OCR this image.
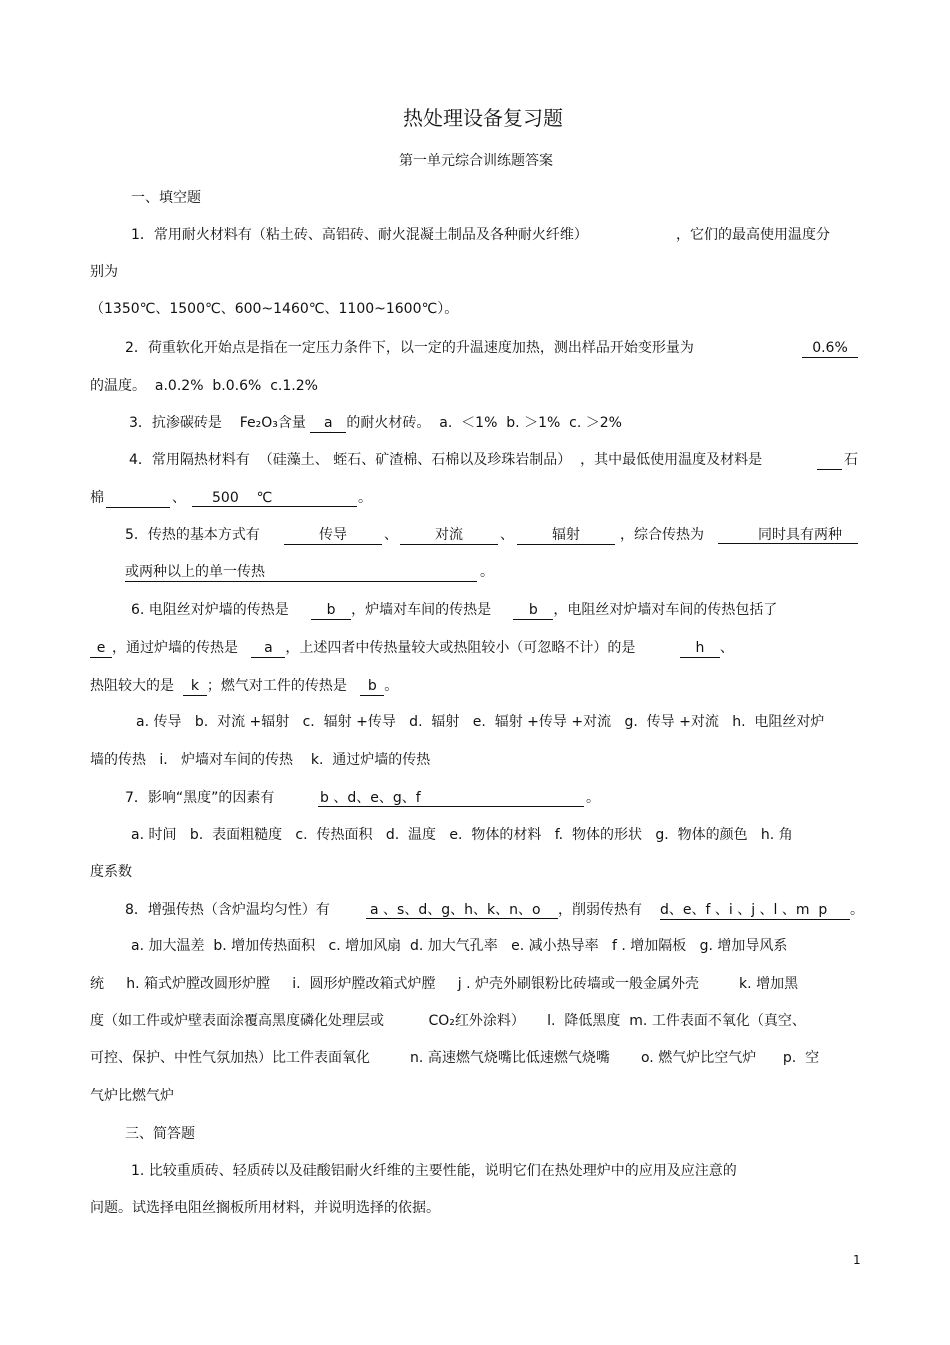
热处理设备复习题
第一单元综合训练题答案
一、填空题
1．常用耐火材料有（粘土砖、高铝砖、耐火混凝土制品及各种耐火纤维）	，它们的最高使用温度分
别为
（1350℃、1500℃、600~1460℃、1100~1600℃）。
2．荷重软化开始点是指在一定压力条件下，以一定的升温速度加热，测出样品开始变形量为	0.6%
的温度。  a.0.2%  b.0.6%  c.1.2%
3．抗渗碳砖是 Fe₂O₃含量 a 的耐火材砖。  a.  ＜1%  b. ＞1%  c. ＞2%
4．常用隔热材料有  （硅藻土、 蛭石、矿渣棉、石棉以及珍珠岩制品）  ，其中最低使用温度及材料是	石
棉	、	500    ℃	。
5．传热的基本方式有	传导	、	对流	、	辐射	，综合传热为	同时具有两种
或两种以上的单一传热	。
6. 电阻丝对炉墙的传热是	b ，炉墙对车间的传热是	b ，电阻丝对炉墙对车间的传热包括了
e ，通过炉墙的传热是 a ，上述四者中传热量较大或热阻较小（可忽略不计）的是	h 、
热阻较大的是 k ；燃气对工件的传热是 b 。
a. 传导   b.  对流 +辐射   c.  辐射 +传导   d.  辐射   e.  辐射 +传导 +对流   g.  传导 +对流   h.  电阻丝对炉
墙的传热   i.   炉墙对车间的传热    k.  通过炉墙的传热
7．影响“黑度”的因素有	b 、d、e、g、f	。
a. 时间   b.  表面粗糙度   c.  传热面积   d.  温度   e.  物体的材料   f.  物体的形状   g.  物体的颜色   h. 角
度系数
8．增强传热（含炉温均匀性）有	a 、s、d、g、h、k、n、o	，削弱传热有 d、e、f 、i 、j 、l 、m  p	。
a. 加大温差  b. 增加传热面积   c. 增加风扇  d. 加大气孔率   e. 减小热导率   f . 增加隔板   g. 增加导风系
统     h. 箱式炉膛改圆形炉膛     i.  圆形炉膛改箱式炉膛     j . 炉壳外刷银粉比砖墙或一般金属外壳         k. 增加黑
度（如工件或炉壁表面涂覆高黑度磷化处理层或          CO₂红外涂料）     l.  降低黑度  m. 工件表面不氧化（真空、
可控、保护、中性气氛加热）比工件表面氧化         n. 高速燃气烧嘴比低速燃气烧嘴       o. 燃气炉比空气炉      p.  空
气炉比燃气炉
三、简答题
1. 比较重质砖、轻质砖以及硅酸铝耐火纤维的主要性能，说明它们在热处理炉中的应用及应注意的
问题。试选择电阻丝搁板所用材料，并说明选择的依据。
1
